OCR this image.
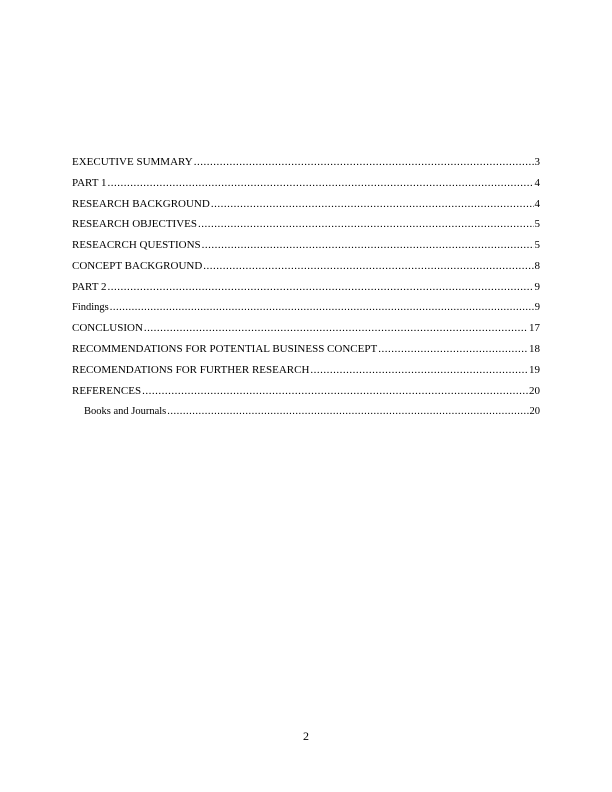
EXECUTIVE SUMMARY .....	3
PART 1 .....	4
RESEARCH BACKGROUND .....	4
RESEARCH OBJECTIVES .....	5
RESEACRCH QUESTIONS .....	5
CONCEPT BACKGROUND .....	8
PART 2 .....	9
Findings .....	9
CONCLUSION .....	17
RECOMMENDATIONS FOR POTENTIAL BUSINESS CONCEPT .....	18
RECOMENDATIONS FOR FURTHER RESEARCH .....	19
REFERENCES .....	20
Books and Journals .....	20
2
